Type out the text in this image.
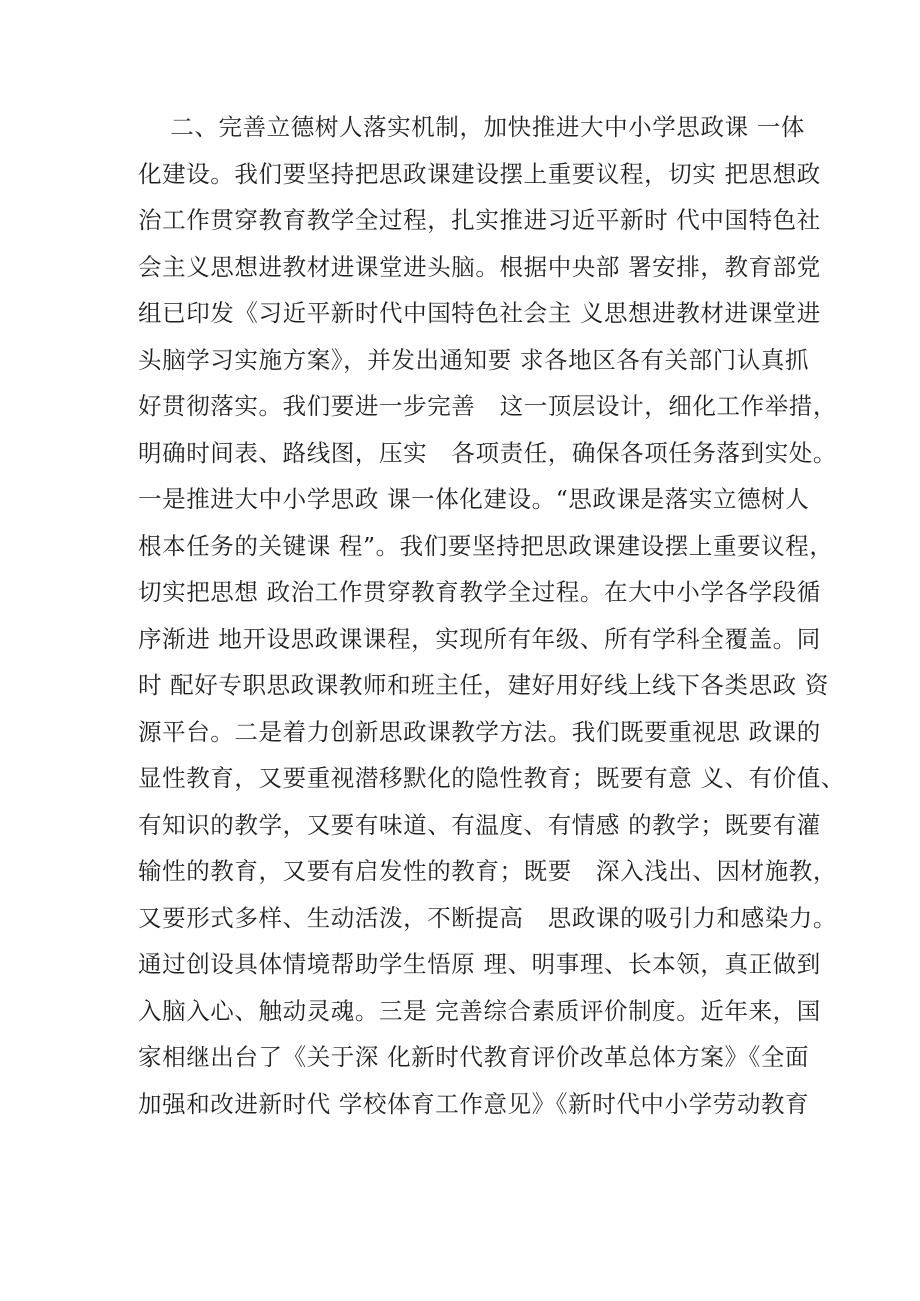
二、完善立德树人落实机制，加快推进大中小学思政课 一体
化建设。我们要坚持把思政课建设摆上重要议程，切实 把思想政
治工作贯穿教育教学全过程，扎实推进习近平新时 代中国特色社
会主义思想进教材进课堂进头脑。根据中央部 署安排，教育部党
组已印发《习近平新时代中国特色社会主 义思想进教材进课堂进
头脑学习实施方案》，并发出通知要 求各地区各有关部门认真抓
好贯彻落实。我们要进一步完善   这一顶层设计，细化工作举措，
明确时间表、路线图，压实   各项责任，确保各项任务落到实处。
一是推进大中小学思政 课一体化建设。“思政课是落实立德树人
根本任务的关键课 程”。我们要坚持把思政课建设摆上重要议程，
切实把思想 政治工作贯穿教育教学全过程。在大中小学各学段循
序渐进 地开设思政课课程，实现所有年级、所有学科全覆盖。同
时 配好专职思政课教师和班主任，建好用好线上线下各类思政 资
源平台。二是着力创新思政课教学方法。我们既要重视思 政课的
显性教育，又要重视潜移默化的隐性教育；既要有意 义、有价值、
有知识的教学，又要有味道、有温度、有情感 的教学；既要有灌
输性的教育，又要有启发性的教育；既要   深入浅出、因材施教，
又要形式多样、生动活泼，不断提高   思政课的吸引力和感染力。
通过创设具体情境帮助学生悟原 理、明事理、长本领，真正做到
入脑入心、触动灵魂。三是 完善综合素质评价制度。近年来，国
家相继出台了《关于深 化新时代教育评价改革总体方案》《全面
加强和改进新时代 学校体育工作意见》《新时代中小学劳动教育
